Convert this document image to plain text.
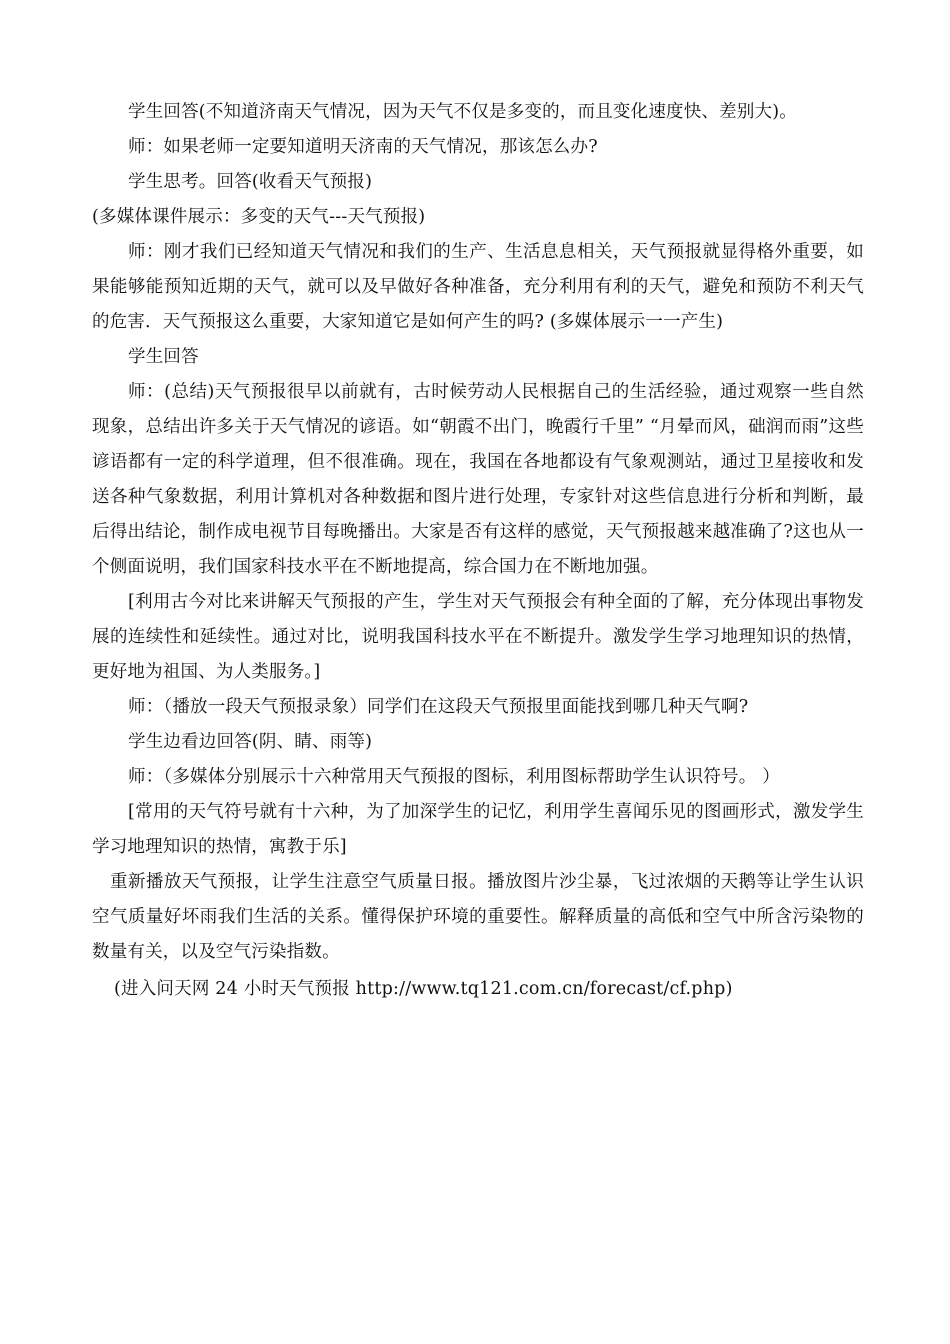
学生回答(不知道济南天气情况，因为天气不仅是多变的，而且变化速度快、差别大)。

师：如果老师一定要知道明天济南的天气情况，那该怎么办?

学生思考。回答(收看天气预报)

(多媒体课件展示：多变的天气---天气预报)

师：刚才我们已经知道天气情况和我们的生产、生活息息相关，天气预报就显得格外重要，如果能够能预知近期的天气，就可以及早做好各种准备，充分利用有利的天气，避免和预防不利天气的危害．天气预报这么重要，大家知道它是如何产生的吗? (多媒体展示一一产生)

学生回答

师：(总结)天气预报很早以前就有，古时候劳动人民根据自己的生活经验，通过观察一些自然现象，总结出许多关于天气情况的谚语。如“朝霞不出门，晚霞行千里” “月晕而风，础润而雨”这些谚语都有一定的科学道理，但不很准确。现在，我国在各地都设有气象观测站，通过卫星接收和发送各种气象数据，利用计算机对各种数据和图片进行处理，专家针对这些信息进行分析和判断，最后得出结论，制作成电视节目每晚播出。大家是否有这样的感觉，天气预报越来越准确了?这也从一个侧面说明，我们国家科技水平在不断地提高，综合国力在不断地加强。

[利用古今对比来讲解天气预报的产生，学生对天气预报会有种全面的了解，充分体现出事物发展的连续性和延续性。通过对比，说明我国科技水平在不断提升。激发学生学习地理知识的热情，更好地为祖国、为人类服务。]

师：（播放一段天气预报录象）同学们在这段天气预报里面能找到哪几种天气啊?

学生边看边回答(阴、睛、雨等)

师：（多媒体分别展示十六种常用天气预报的图标，利用图标帮助学生认识符号。 ）

[常用的天气符号就有十六种，为了加深学生的记忆，利用学生喜闻乐见的图画形式，激发学生学习地理知识的热情，寓教于乐]

重新播放天气预报，让学生注意空气质量日报。播放图片沙尘暴，飞过浓烟的天鹅等让学生认识空气质量好坏雨我们生活的关系。懂得保护环境的重要性。解释质量的高低和空气中所含污染物的数量有关，以及空气污染指数。

(进入问天网 24 小时天气预报 http://www.tq121.com.cn/forecast/cf.php)
